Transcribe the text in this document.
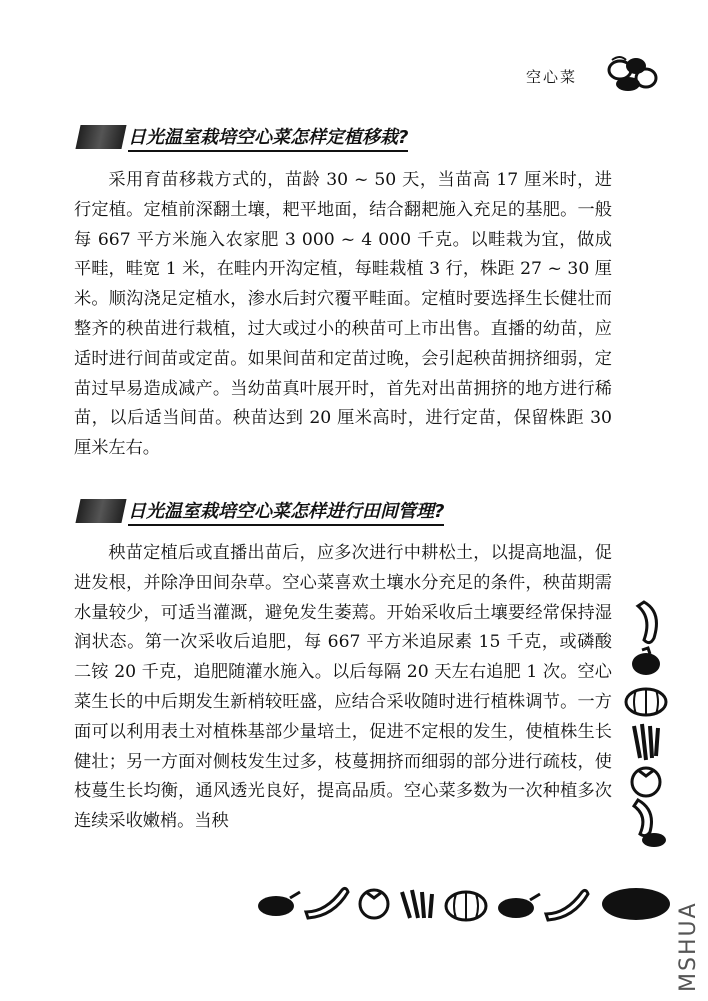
空心菜
日光温室栽培空心菜怎样定植移栽?

采用育苗移栽方式的，苗龄 30 ~ 50 天，当苗高 17 厘米时，进行定植。定植前深翻土壤，耙平地面，结合翻耙施入充足的基肥。一般每 667 平方米施入农家肥 3 000 ~ 4 000 千克。以畦栽为宜，做成平畦，畦宽 1 米，在畦内开沟定植，每畦栽植 3 行，株距 27 ~ 30 厘米。顺沟浇足定植水，渗水后封穴覆平畦面。定植时要选择生长健壮而整齐的秧苗进行栽植，过大或过小的秧苗可上市出售。直播的幼苗，应适时进行间苗或定苗。如果间苗和定苗过晚，会引起秧苗拥挤细弱，定苗过早易造成减产。当幼苗真叶展开时，首先对出苗拥挤的地方进行稀苗，以后适当间苗。秧苗达到 20 厘米高时，进行定苗，保留株距 30 厘米左右。

日光温室栽培空心菜怎样进行田间管理?

秧苗定植后或直播出苗后，应多次进行中耕松土，以提高地温，促进发根，并除净田间杂草。空心菜喜欢土壤水分充足的条件，秧苗期需水量较少，可适当灌溉，避免发生萎蔫。开始采收后土壤要经常保持湿润状态。第一次采收后追肥，每 667 平方米追尿素 15 千克，或磷酸二铵 20 千克，追肥随灌水施入。以后每隔 20 天左右追肥 1 次。空心菜生长的中后期发生新梢较旺盛，应结合采收随时进行植株调节。一方面可以利用表土对植株基部少量培土，促进不定根的发生，使植株生长健壮；另一方面对侧枝发生过多，枝蔓拥挤而细弱的部分进行疏枝，使枝蔓生长均衡，通风透光良好，提高品质。空心菜多数为一次种植多次连续采收嫩梢。当秧

MSHUA
